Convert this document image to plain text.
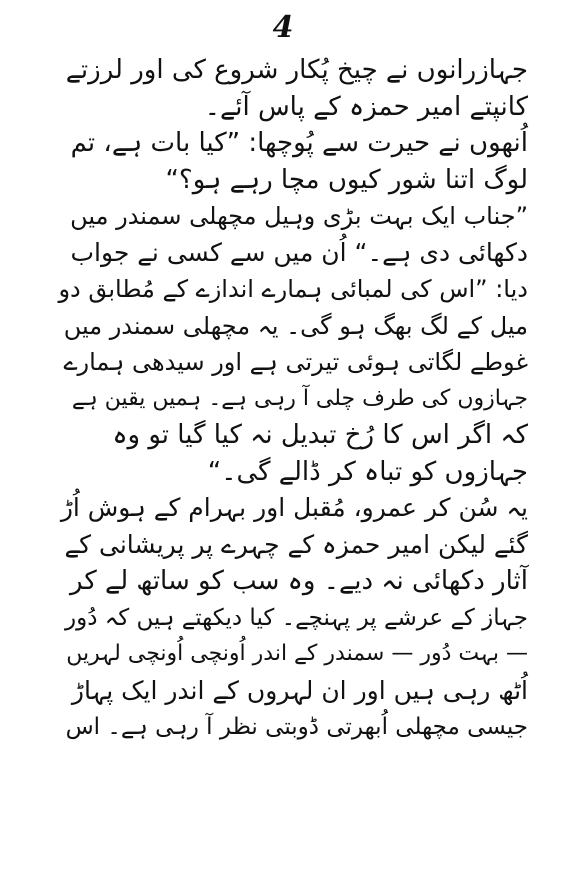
4
جہازرانوں نے چیخ پُکار شروع کی اور لرزتے
کانپتے امیر حمزہ کے پاس آئے۔
اُنھوں نے حیرت سے پُوچھا: ”کیا بات ہے، تم
لوگ اتنا شور کیوں مچا رہے ہو؟“
”جناب ایک بہت بڑی وہیل مچھلی سمندر میں
دکھائی دی ہے۔“ اُن میں سے کسی نے جواب
دیا: ”اس کی لمبائی ہمارے اندازے کے مُطابق دو
میل کے لگ بھگ ہو گی۔ یہ مچھلی سمندر میں
غوطے لگاتی ہوئی تیرتی ہے اور سیدھی ہمارے
جہازوں کی طرف چلی آ رہی ہے۔ ہمیں یقین ہے
کہ اگر اس کا رُخ تبدیل نہ کیا گیا تو وہ
جہازوں کو تباہ کر ڈالے گی۔“
یہ سُن کر عمرو، مُقبل اور بہرام کے ہوش اُڑ
گئے لیکن امیر حمزہ کے چہرے پر پریشانی کے
آثار دکھائی نہ دیے۔ وہ سب کو ساتھ لے کر
جہاز کے عرشے پر پہنچے۔ کیا دیکھتے ہیں کہ دُور
— بہت دُور — سمندر کے اندر اُونچی اُونچی لہریں
اُٹھ رہی ہیں اور ان لہروں کے اندر ایک پہاڑ
جیسی مچھلی اُبھرتی ڈوبتی نظر آ رہی ہے۔ اس
